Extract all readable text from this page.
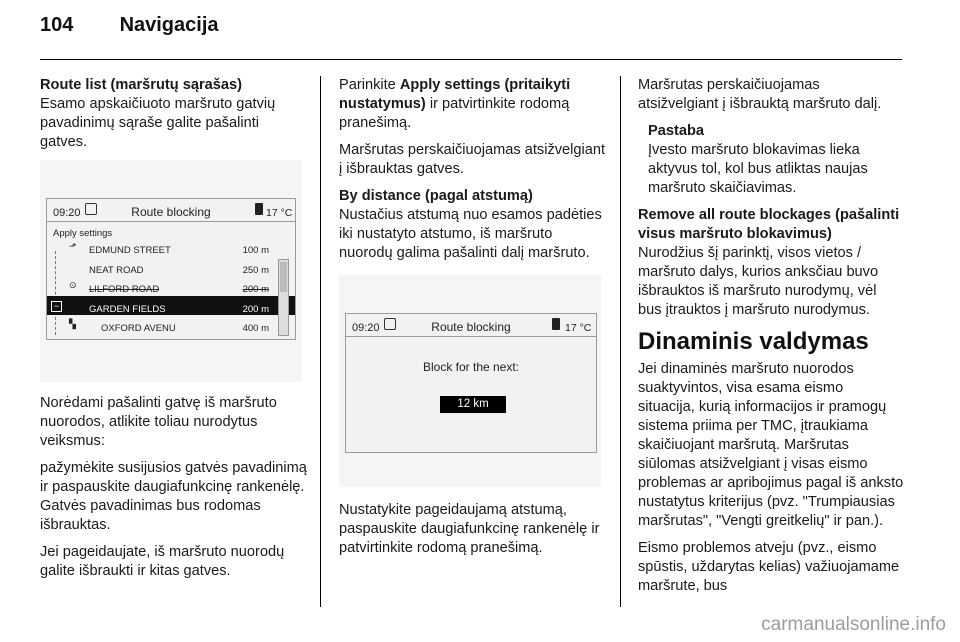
104 Navigacija

Route list (maršrutų sąrašas)
Esamo apskaičiuoto maršruto gatvių pavadinimų sąraše galite pašalinti gatves.

09:20	Route blocking	17 °C
Apply settings
⬏ EDMUND STREET	100 m
NEAT ROAD	250 m
⊙ LILFORD ROAD	200 m
−	GARDEN FIELDS	200 m
▚	OXFORD AVENU	400 m

Norėdami pašalinti gatvę iš maršruto nuorodos, atlikite toliau nurodytus veiksmus:

pažymėkite susijusios gatvės pavadinimą ir paspauskite daugiafunkcinę rankenėlę. Gatvės pavadinimas bus rodomas išbrauktas.

Jei pageidaujate, iš maršruto nuorodų galite išbraukti ir kitas gatves.

Parinkite Apply settings (pritaikyti nustatymus) ir patvirtinkite rodomą pranešimą.

Maršrutas perskaičiuojamas atsižvelgiant į išbrauktas gatves.

By distance (pagal atstumą)
Nustačius atstumą nuo esamos padėties iki nustatyto atstumo, iš maršruto nuorodų galima pašalinti dalį maršruto.

09:20	Route blocking	17 °C
Block for the next:
12 km

Nustatykite pageidaujamą atstumą, paspauskite daugiafunkcinę rankenėlę ir patvirtinkite rodomą pranešimą.

Maršrutas perskaičiuojamas atsižvelgiant į išbrauktą maršruto dalį.

Pastaba
Įvesto maršruto blokavimas lieka aktyvus tol, kol bus atliktas naujas maršruto skaičiavimas.

Remove all route blockages (pašalinti visus maršruto blokavimus)
Nurodžius šį parinktį, visos vietos / maršruto dalys, kurios anksčiau buvo išbrauktos iš maršruto nurodymų, vėl bus įtrauktos į maršruto nurodymus.

Dinaminis valdymas

Jei dinaminės maršruto nuorodos suaktyvintos, visa esama eismo situacija, kurią informacijos ir pramogų sistema priima per TMC, įtraukiama skaičiuojant maršrutą. Maršrutas siūlomas atsižvelgiant į visas eismo problemas ar apribojimus pagal iš anksto nustatytus kriterijus (pvz. "Trumpiausias maršrutas", "Vengti greitkelių" ir pan.).

Eismo problemos atveju (pvz., eismo spūstis, uždarytas kelias) važiuojamame maršrute, bus

carmanualsonline.info
